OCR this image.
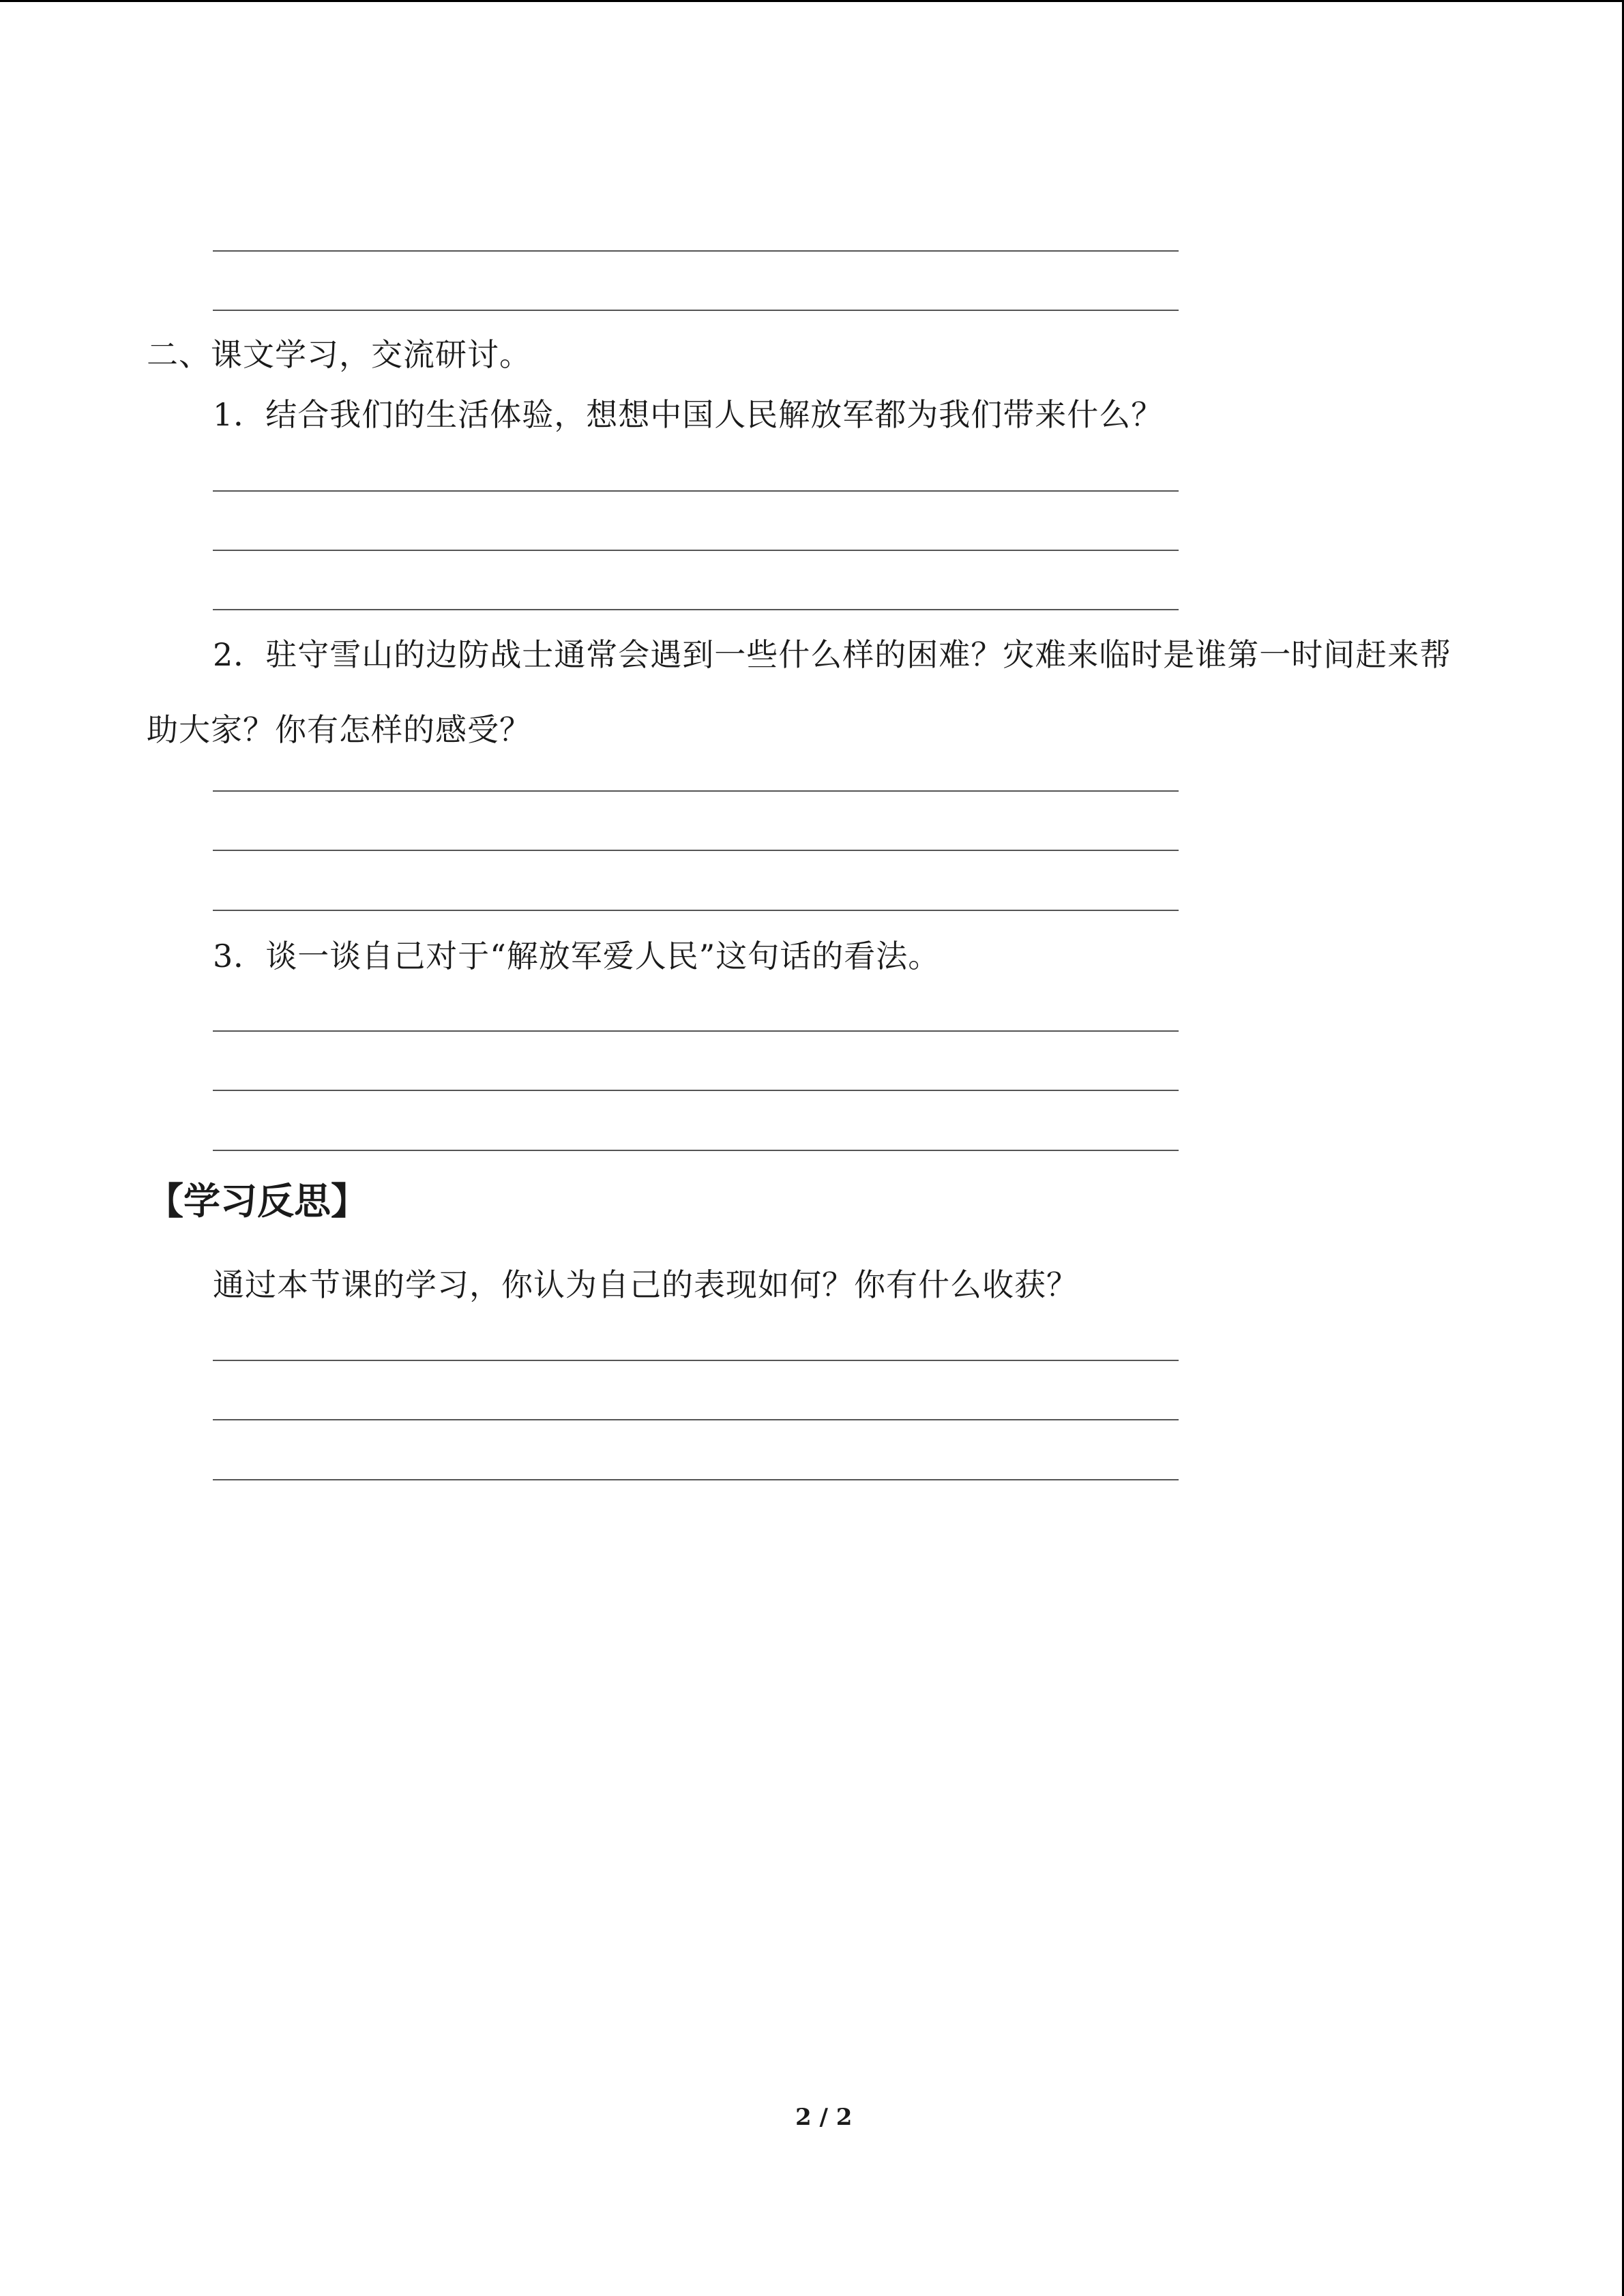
二、课文学习，交流研讨。
1．结合我们的生活体验，想想中国人民解放军都为我们带来什么？
2．驻守雪山的边防战士通常会遇到一些什么样的困难？灾难来临时是谁第一时间赶来帮助大家？你有怎样的感受？
3．谈一谈自己对于“解放军爱人民”这句话的看法。
【学习反思】
通过本节课的学习，你认为自己的表现如何？你有什么收获？
2 / 2
